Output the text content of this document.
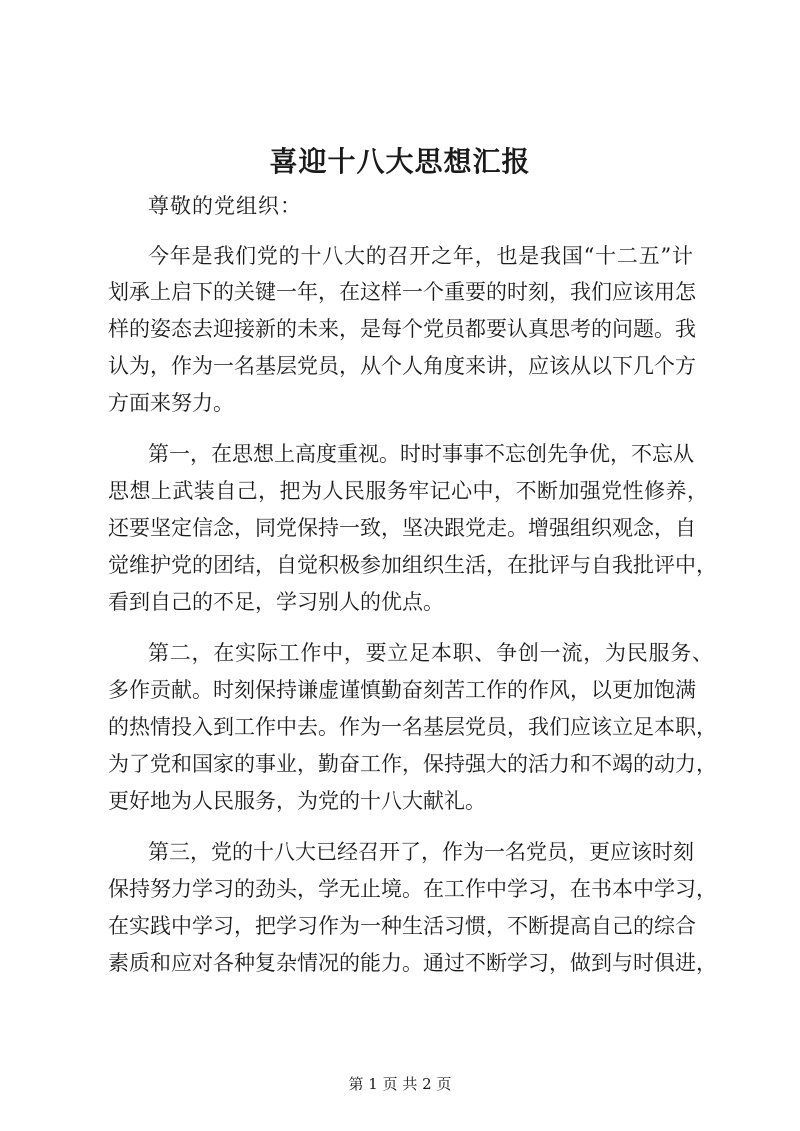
喜迎十八大思想汇报
尊敬的党组织：
今年是我们党的十八大的召开之年，也是我国“十二五”计
划承上启下的关键一年，在这样一个重要的时刻，我们应该用怎
样的姿态去迎接新的未来，是每个党员都要认真思考的问题。我
认为，作为一名基层党员，从个人角度来讲，应该从以下几个方
方面来努力。
第一，在思想上高度重视。时时事事不忘创先争优，不忘从
思想上武装自己，把为人民服务牢记心中，不断加强党性修养，
还要坚定信念，同党保持一致，坚决跟党走。增强组织观念，自
觉维护党的团结，自觉积极参加组织生活，在批评与自我批评中，
看到自己的不足，学习别人的优点。
第二，在实际工作中，要立足本职、争创一流，为民服务、
多作贡献。时刻保持谦虚谨慎勤奋刻苦工作的作风，以更加饱满
的热情投入到工作中去。作为一名基层党员，我们应该立足本职，
为了党和国家的事业，勤奋工作，保持强大的活力和不竭的动力，
更好地为人民服务，为党的十八大献礼。
第三，党的十八大已经召开了，作为一名党员，更应该时刻
保持努力学习的劲头，学无止境。在工作中学习，在书本中学习，
在实践中学习，把学习作为一种生活习惯，不断提高自己的综合
素质和应对各种复杂情况的能力。通过不断学习，做到与时俱进，
第 1 页 共 2 页
